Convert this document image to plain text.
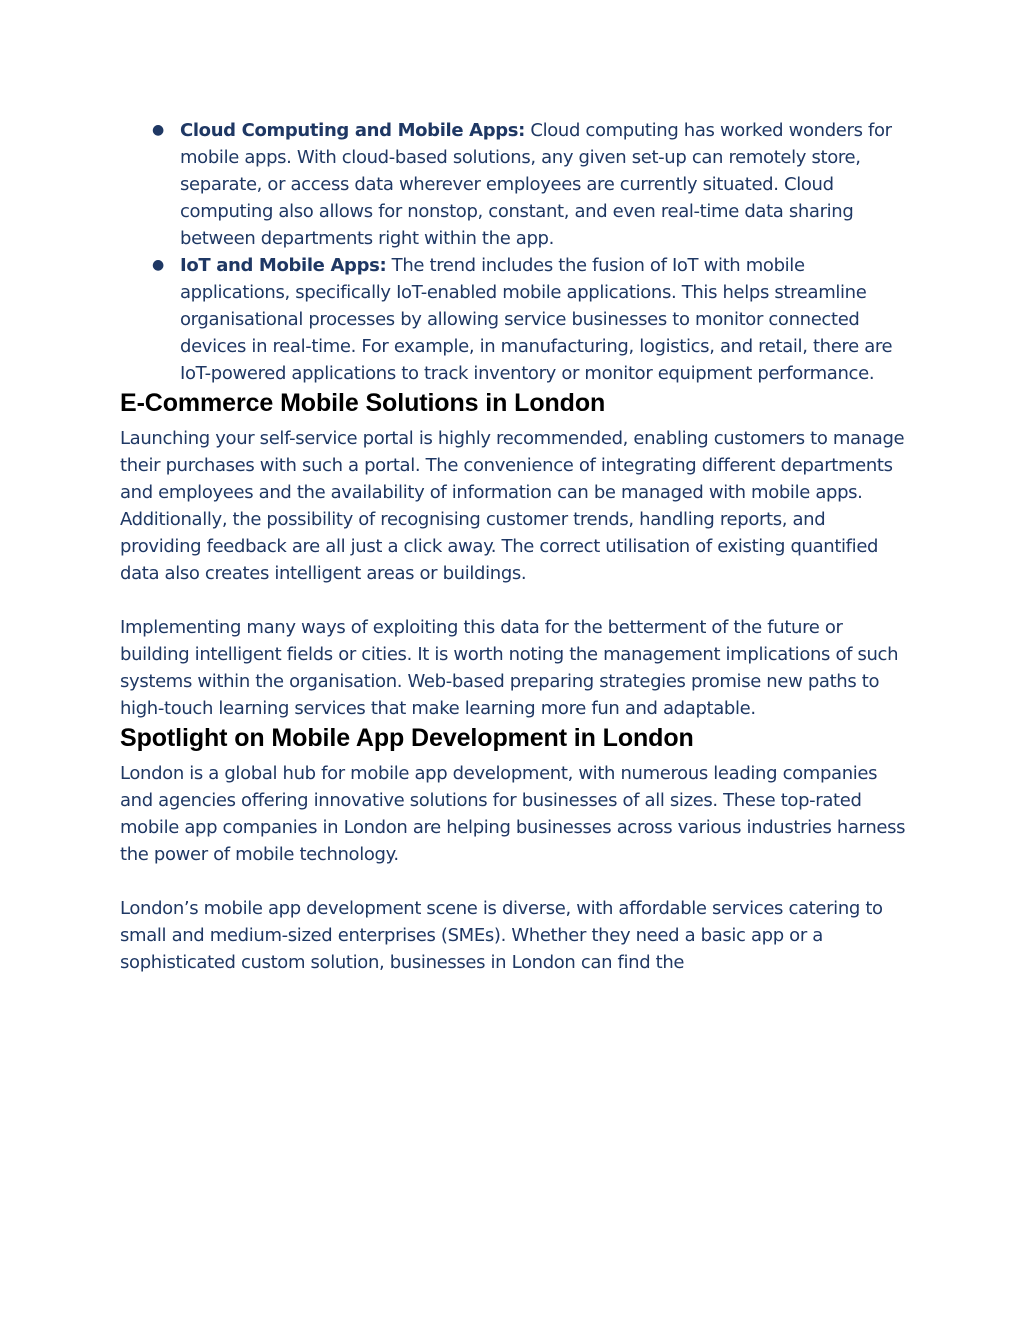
● Cloud Computing and Mobile Apps: Cloud computing has worked wonders for mobile apps. With cloud-based solutions, any given set-up can remotely store, separate, or access data wherever employees are currently situated. Cloud computing also allows for nonstop, constant, and even real-time data sharing between departments right within the app.
● IoT and Mobile Apps: The trend includes the fusion of IoT with mobile applications, specifically IoT-enabled mobile applications. This helps streamline organisational processes by allowing service businesses to monitor connected devices in real-time. For example, in manufacturing, logistics, and retail, there are IoT-powered applications to track inventory or monitor equipment performance.
E-Commerce Mobile Solutions in London

Launching your self-service portal is highly recommended, enabling customers to manage their purchases with such a portal. The convenience of integrating different departments and employees and the availability of information can be managed with mobile apps. Additionally, the possibility of recognising customer trends, handling reports, and providing feedback are all just a click away. The correct utilisation of existing quantified data also creates intelligent areas or buildings.

Implementing many ways of exploiting this data for the betterment of the future or building intelligent fields or cities. It is worth noting the management implications of such systems within the organisation. Web-based preparing strategies promise new paths to high-touch learning services that make learning more fun and adaptable.

Spotlight on Mobile App Development in London

London is a global hub for mobile app development, with numerous leading companies and agencies offering innovative solutions for businesses of all sizes. These top-rated mobile app companies in London are helping businesses across various industries harness the power of mobile technology.

London’s mobile app development scene is diverse, with affordable services catering to small and medium-sized enterprises (SMEs). Whether they need a basic app or a sophisticated custom solution, businesses in London can find the
